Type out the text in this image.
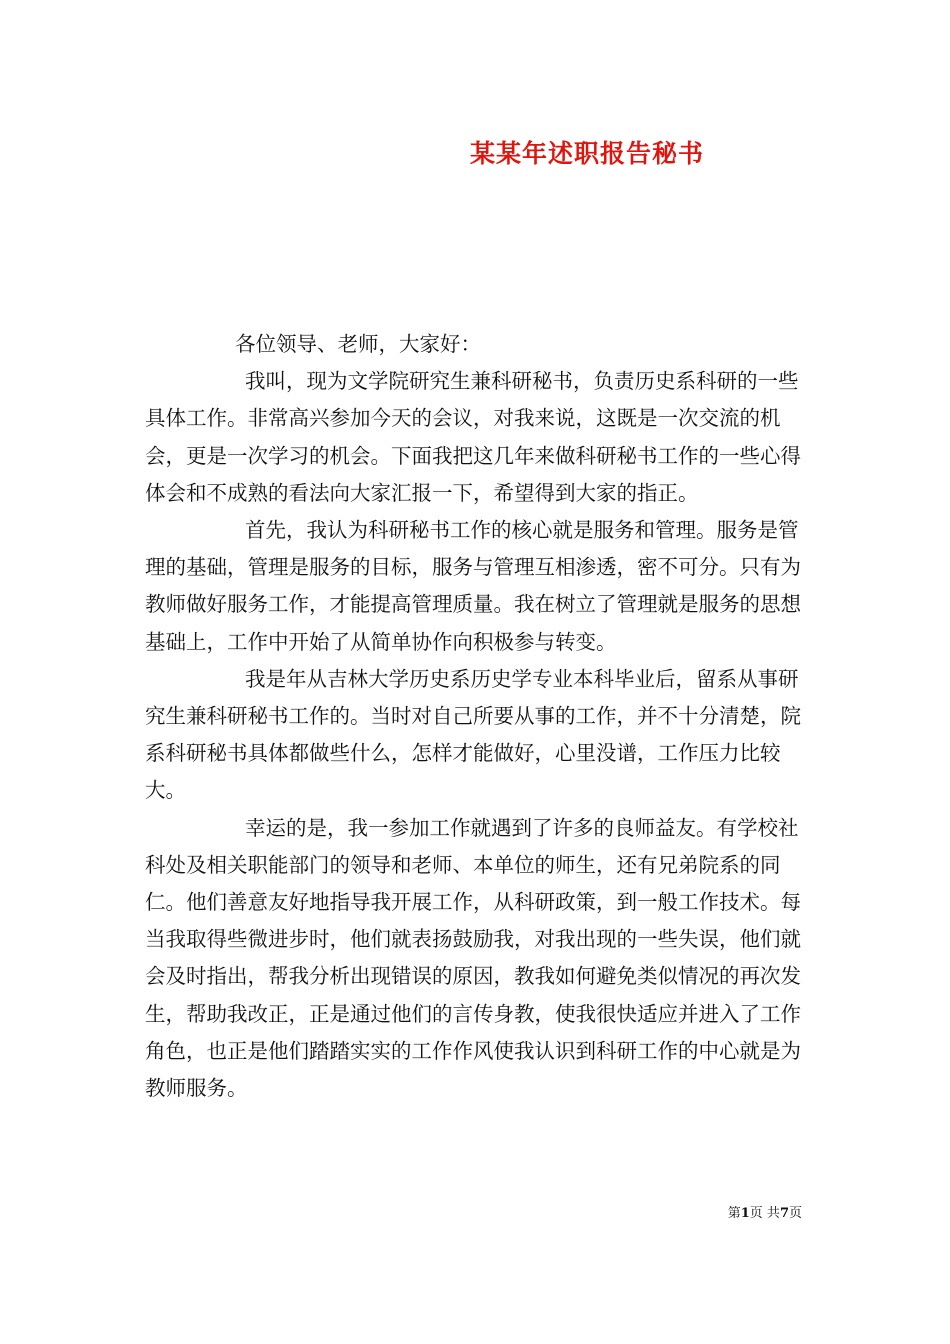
某某年述职报告秘书

各位领导、老师，大家好：

我叫，现为文学院研究生兼科研秘书，负责历史系科研的一些具体工作。非常高兴参加今天的会议，对我来说，这既是一次交流的机会，更是一次学习的机会。下面我把这几年来做科研秘书工作的一些心得体会和不成熟的看法向大家汇报一下，希望得到大家的指正。

首先，我认为科研秘书工作的核心就是服务和管理。服务是管理的基础，管理是服务的目标，服务与管理互相渗透，密不可分。只有为教师做好服务工作，才能提高管理质量。我在树立了管理就是服务的思想基础上，工作中开始了从简单协作向积极参与转变。

我是年从吉林大学历史系历史学专业本科毕业后，留系从事研究生兼科研秘书工作的。当时对自己所要从事的工作，并不十分清楚，院系科研秘书具体都做些什么，怎样才能做好，心里没谱，工作压力比较大。

幸运的是，我一参加工作就遇到了许多的良师益友。有学校社科处及相关职能部门的领导和老师、本单位的师生，还有兄弟院系的同仁。他们善意友好地指导我开展工作，从科研政策，到一般工作技术。每当我取得些微进步时，他们就表扬鼓励我，对我出现的一些失误，他们就会及时指出，帮我分析出现错误的原因，教我如何避免类似情况的再次发生，帮助我改正，正是通过他们的言传身教，使我很快适应并进入了工作角色，也正是他们踏踏实实的工作作风使我认识到科研工作的中心就是为教师服务。

第1页 共7页
